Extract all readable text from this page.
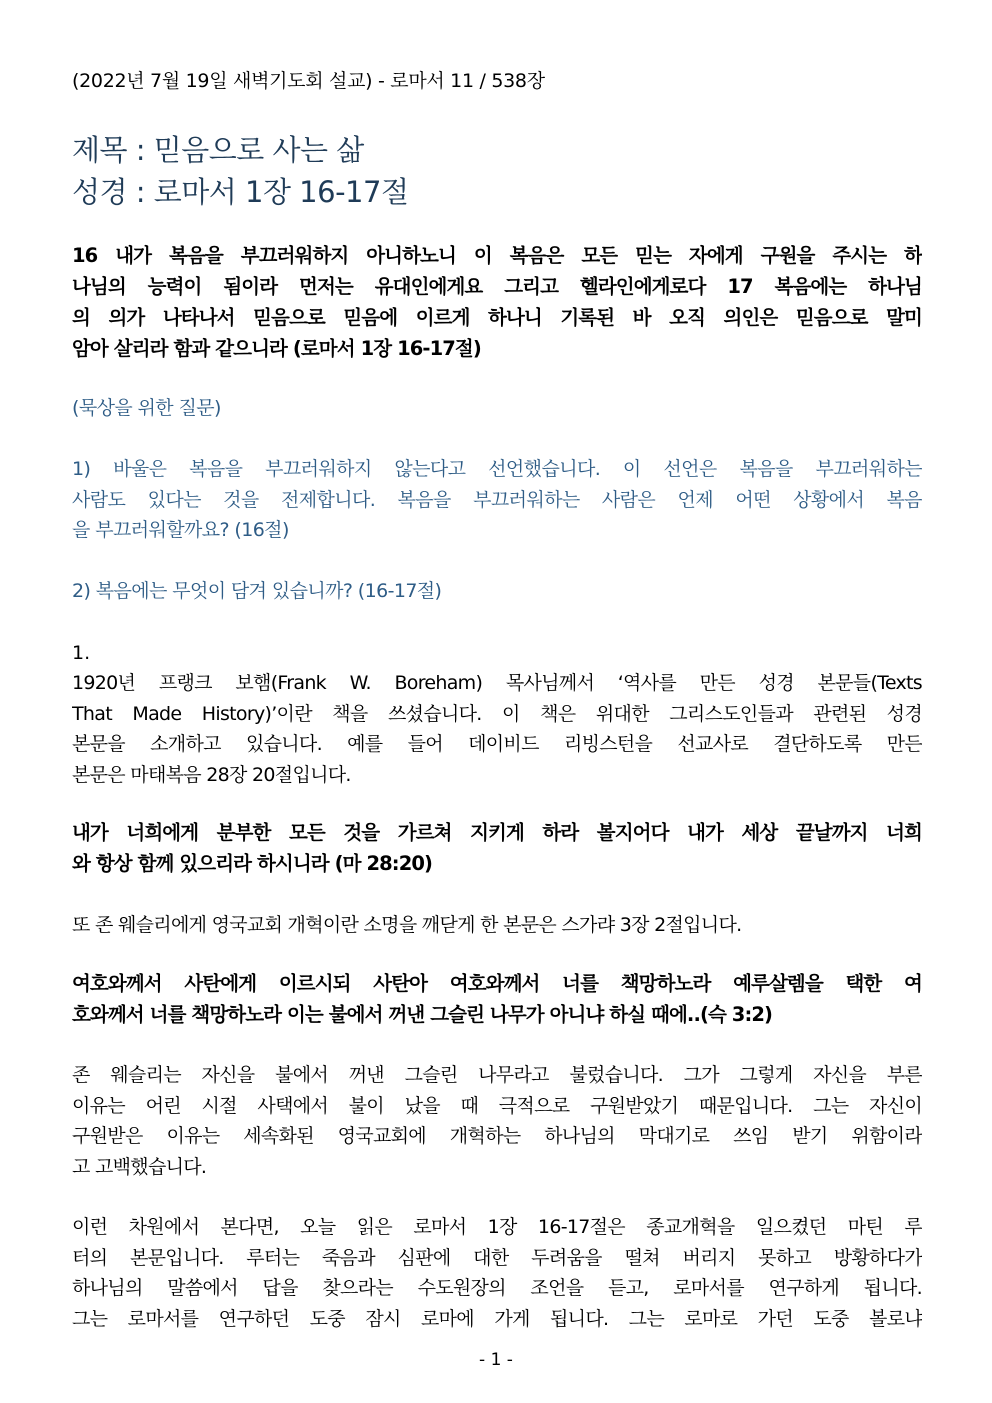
(2022년 7월 19일 새벽기도회 설교) - 로마서 11 / 538장
제목 : 믿음으로 사는 삶
성경 : 로마서 1장 16-17절
16 내가 복음을 부끄러워하지 아니하노니 이 복음은 모든 믿는 자에게 구원을 주시는 하
나님의 능력이 됨이라 먼저는 유대인에게요 그리고 헬라인에게로다 17 복음에는 하나님
의 의가 나타나서 믿음으로 믿음에 이르게 하나니 기록된 바 오직 의인은 믿음으로 말미
암아 살리라 함과 같으니라 (로마서 1장 16-17절)
(묵상을 위한 질문)
1) 바울은 복음을 부끄러워하지 않는다고 선언했습니다. 이 선언은 복음을 부끄러워하는
사람도 있다는 것을 전제합니다. 복음을 부끄러워하는 사람은 언제 어떤 상황에서 복음
을 부끄러워할까요? (16절)
2) 복음에는 무엇이 담겨 있습니까? (16-17절)
1.
1920년 프랭크 보햄(Frank W. Boreham) 목사님께서 ‘역사를 만든 성경 본문들(Texts
That Made History)’이란 책을 쓰셨습니다. 이 책은 위대한 그리스도인들과 관련된 성경
본문을 소개하고 있습니다. 예를 들어 데이비드 리빙스턴을 선교사로 결단하도록 만든
본문은 마태복음 28장 20절입니다.
내가 너희에게 분부한 모든 것을 가르쳐 지키게 하라 볼지어다 내가 세상 끝날까지 너희
와 항상 함께 있으리라 하시니라 (마 28:20)
또 존 웨슬리에게 영국교회 개혁이란 소명을 깨닫게 한 본문은 스가랴 3장 2절입니다.
여호와께서 사탄에게 이르시되 사탄아 여호와께서 너를 책망하노라 예루살렘을 택한 여
호와께서 너를 책망하노라 이는 불에서 꺼낸 그슬린 나무가 아니냐 하실 때에..(슥 3:2)
존 웨슬리는 자신을 불에서 꺼낸 그슬린 나무라고 불렀습니다. 그가 그렇게 자신을 부른
이유는 어린 시절 사택에서 불이 났을 때 극적으로 구원받았기 때문입니다. 그는 자신이
구원받은 이유는 세속화된 영국교회에 개혁하는 하나님의 막대기로 쓰임 받기 위함이라
고 고백했습니다.
이런 차원에서 본다면, 오늘 읽은 로마서 1장 16-17절은 종교개혁을 일으켰던 마틴 루
터의 본문입니다. 루터는 죽음과 심판에 대한 두려움을 떨쳐 버리지 못하고 방황하다가
하나님의 말씀에서 답을 찾으라는 수도원장의 조언을 듣고, 로마서를 연구하게 됩니다.
그는 로마서를 연구하던 도중 잠시 로마에 가게 됩니다. 그는 로마로 가던 도중 볼로냐
- 1 -
